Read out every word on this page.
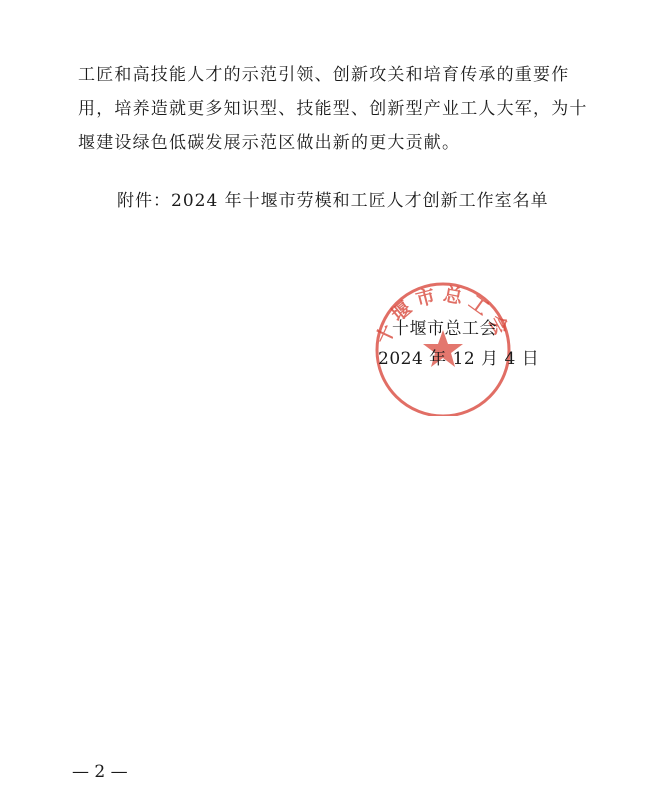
工匠和高技能人才的示范引领、创新攻关和培育传承的重要作
用，培养造就更多知识型、技能型、创新型产业工人大军，为十
堰建设绿色低碳发展示范区做出新的更大贡献。
附件：2024 年十堰市劳模和工匠人才创新工作室名单
十堰市总工会
十堰市总工会
2024 年 12 月 4 日
— 2 —
